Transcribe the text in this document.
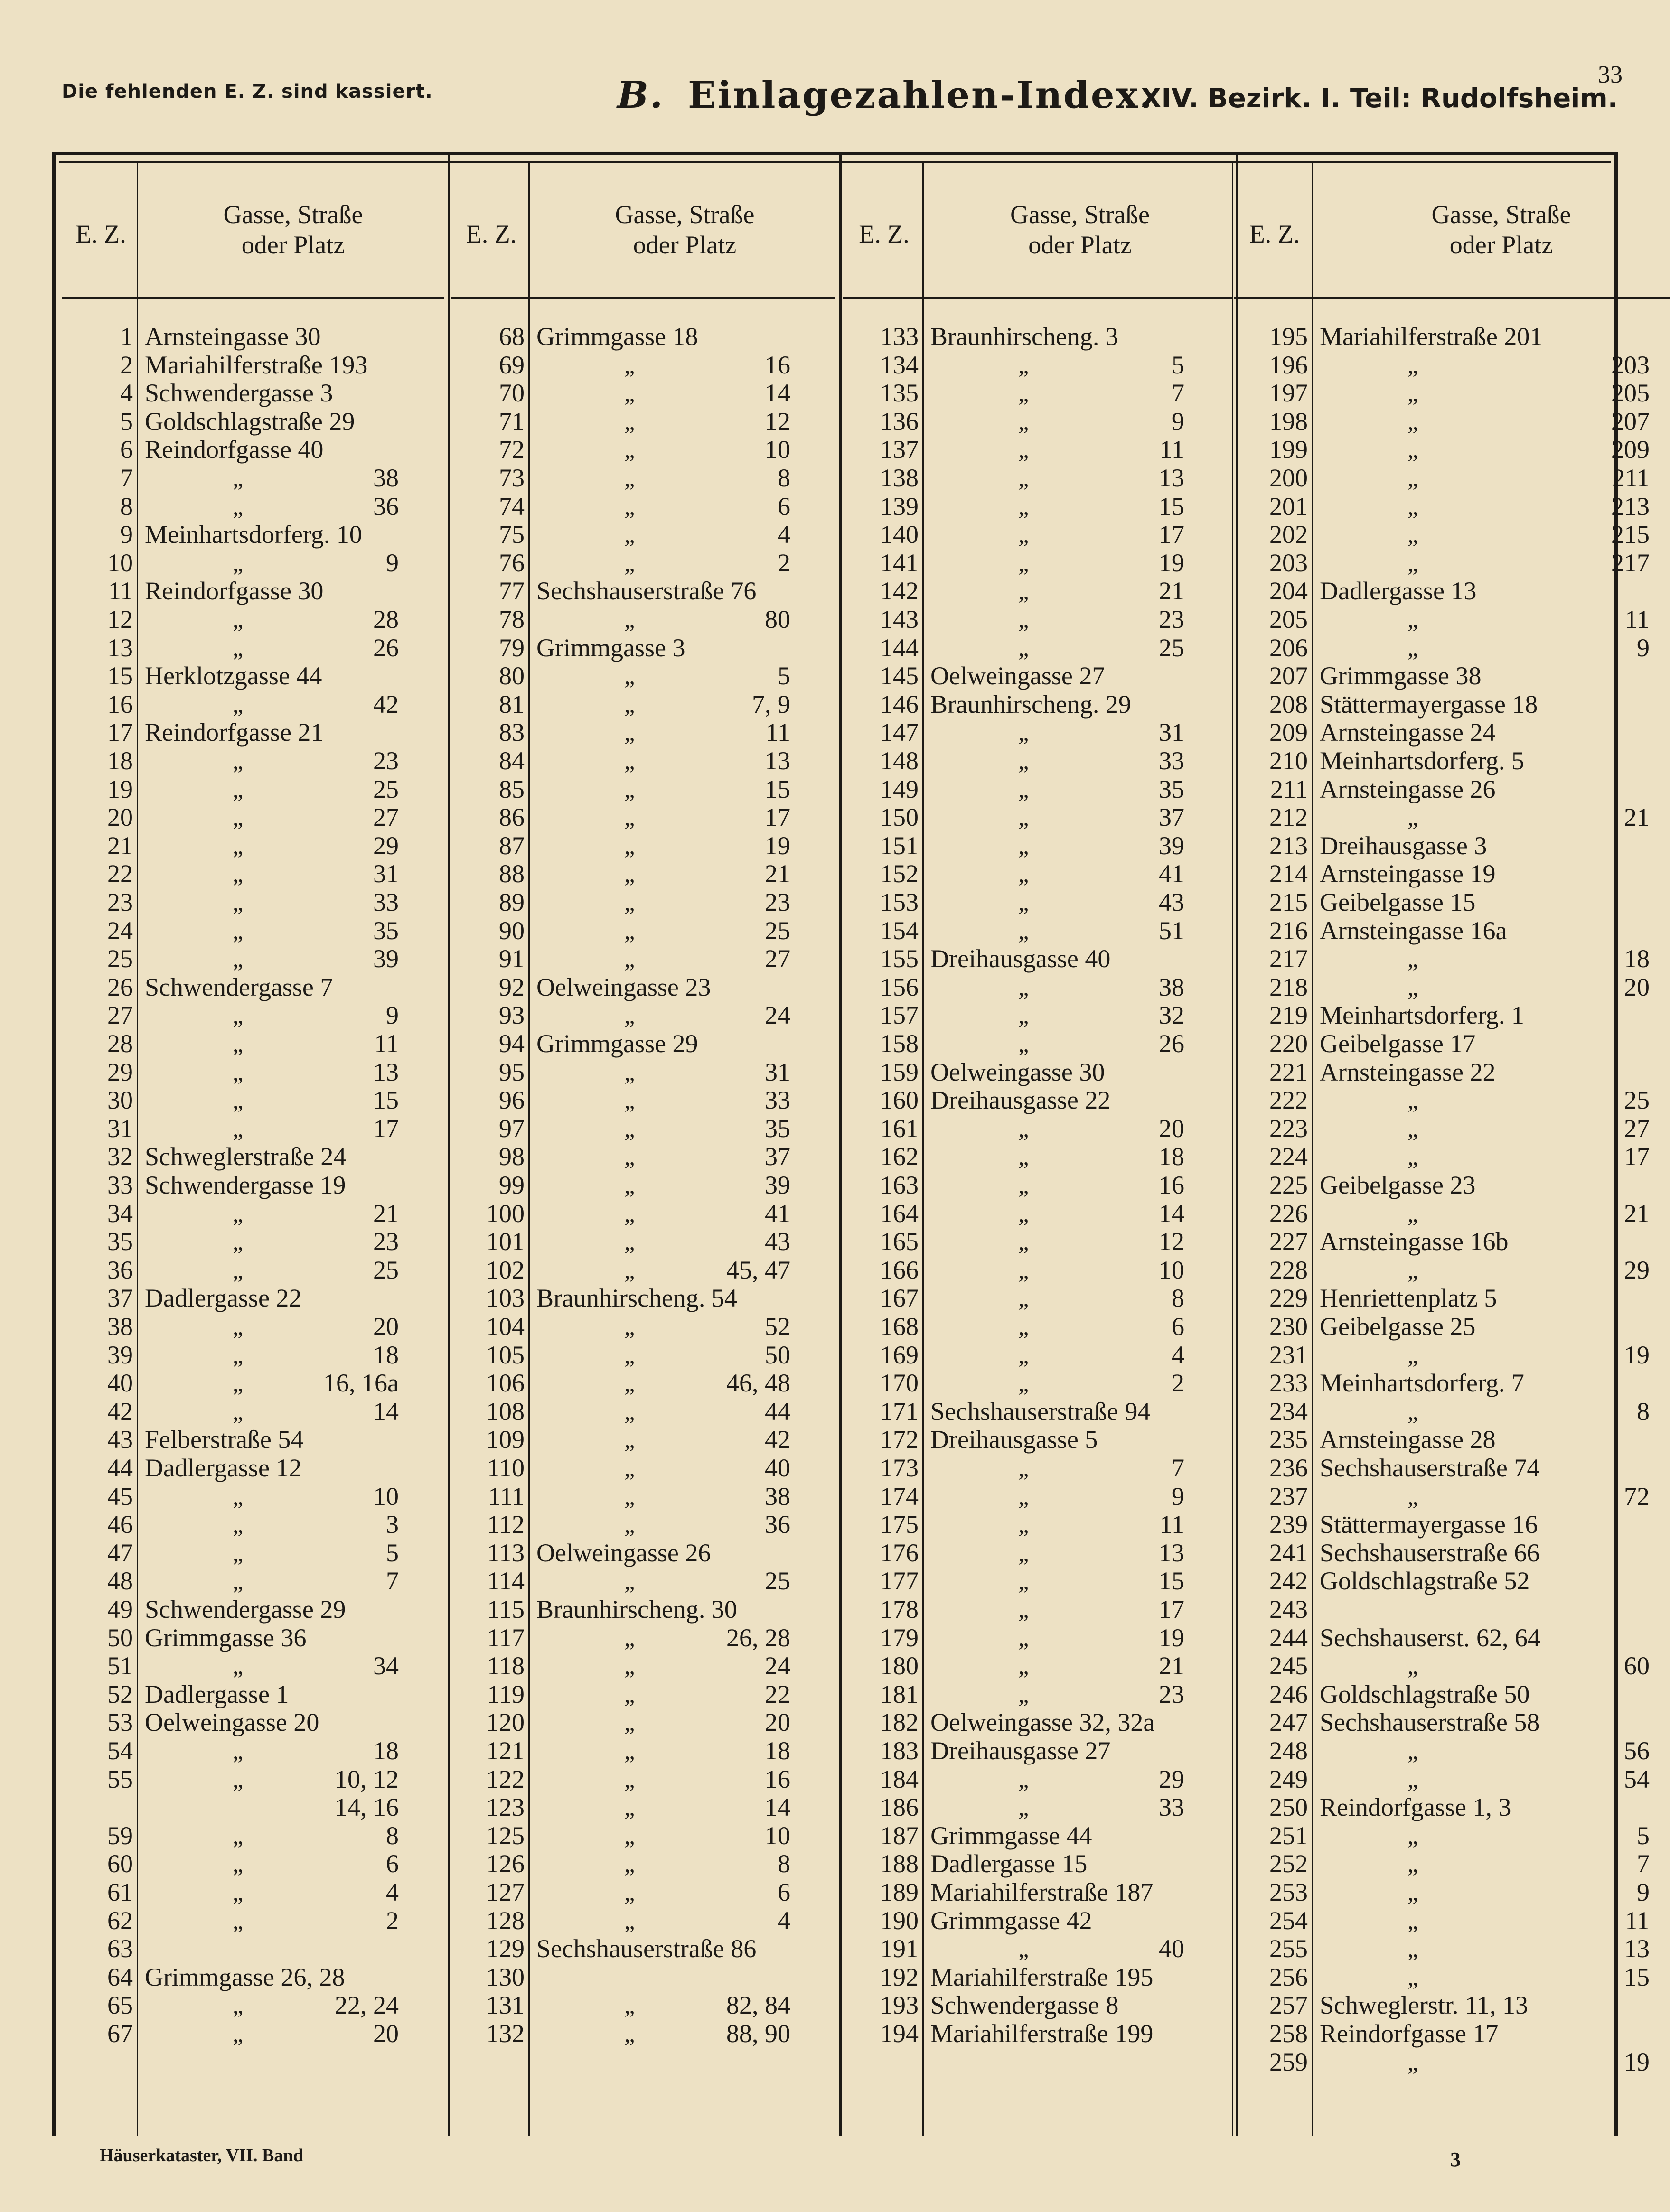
33
Die fehlenden E. Z. sind kassiert.	B. Einlagezahlen-Index.
XIV. Bezirk. I. Teil: Rudolfsheim.
E. Z.
Gasse, Straße
oder Platz
1 Arnsteingasse 30
2 Mariahilferstraße 193
4 Schwendergasse 3
5 Goldschlagstraße 29
6 Reindorfgasse 40
7	„	38
8	„	36
9 Meinhartsdorferg. 10
10	„	9
11 Reindorfgasse 30
12	„	28
13	„	26
15 Herklotzgasse 44
16	„	42
17 Reindorfgasse 21
18	„	23
19	„	25
20	„	27
21	„	29
22	„	31
23	„	33
24	„	35
25	„	39
26 Schwendergasse 7
27	„	9
28	„	11
29	„	13
30	„	15
31	„	17
32 Schweglerstraße 24
33 Schwendergasse 19
34	„	21
35	„	23
36	„	25
37 Dadlergasse 22
38	„	20
39	„	18
40	„	16, 16a
42	„	14
43 Felberstraße 54
44 Dadlergasse 12
45	„	10
46	„	3
47	„	5
48	„	7
49 Schwendergasse 29
50 Grimmgasse 36
51	„	34
52 Dadlergasse 1
53 Oelweingasse 20
54	„	18
55	„	10, 12
14, 16
59	„	8
60	„	6
61	„	4
62	„	2
63
64 Grimmgasse 26, 28
65	„	22, 24
67	„	20
E. Z.
Gasse, Straße
oder Platz
68 Grimmgasse 18
69	„	16
70	„	14
71	„	12
72	„	10
73	„	8
74	„	6
75	„	4
76	„	2
77 Sechshauserstraße 76
78	„	80
79 Grimmgasse 3
80	„	5
81	„	7, 9
83	„	11
84	„	13
85	„	15
86	„	17
87	„	19
88	„	21
89	„	23
90	„	25
91	„	27
92 Oelweingasse 23
93	„	24
94 Grimmgasse 29
95	„	31
96	„	33
97	„	35
98	„	37
99	„	39
100	„	41
101	„	43
102	„	45, 47
103 Braunhirscheng. 54
104	„	52
105	„	50
106	„	46, 48
108	„	44
109	„	42
110	„	40
111	„	38
112	„	36
113 Oelweingasse 26
114	„	25
115 Braunhirscheng. 30
117	„	26, 28
118	„	24
119	„	22
120	„	20
121	„	18
122	„	16
123	„	14
125	„	10
126	„	8
127	„	6
128	„	4
129 Sechshauserstraße 86
130
131	„	82, 84
132	„	88, 90
E. Z.
Gasse, Straße
oder Platz
133 Braunhirscheng. 3
134	„	5
135	„	7
136	„	9
137	„	11
138	„	13
139	„	15
140	„	17
141	„	19
142	„	21
143	„	23
144	„	25
145 Oelweingasse 27
146 Braunhirscheng. 29
147	„	31
148	„	33
149	„	35
150	„	37
151	„	39
152	„	41
153	„	43
154	„	51
155 Dreihausgasse 40
156	„	38
157	„	32
158	„	26
159 Oelweingasse 30
160 Dreihausgasse 22
161	„	20
162	„	18
163	„	16
164	„	14
165	„	12
166	„	10
167	„	8
168	„	6
169	„	4
170	„	2
171 Sechshauserstraße 94
172 Dreihausgasse 5
173	„	7
174	„	9
175	„	11
176	„	13
177	„	15
178	„	17
179	„	19
180	„	21
181	„	23
182 Oelweingasse 32, 32a
183 Dreihausgasse 27
184	„	29
186	„	33
187 Grimmgasse 44
188 Dadlergasse 15
189 Mariahilferstraße 187
190 Grimmgasse 42
191	„	40
192 Mariahilferstraße 195
193 Schwendergasse 8
194 Mariahilferstraße 199
E. Z.
Gasse, Straße
oder Platz
195 Mariahilferstraße 201
196	„	203
197	„	205
198	„	207
199	„	209
200	„	211
201	„	213
202	„	215
203	„	217
204 Dadlergasse 13
205	„	11
206	„	9
207 Grimmgasse 38
208 Stättermayergasse 18
209 Arnsteingasse 24
210 Meinhartsdorferg. 5
211 Arnsteingasse 26
212	„	21
213 Dreihausgasse 3
214 Arnsteingasse 19
215 Geibelgasse 15
216 Arnsteingasse 16a
217	„	18
218	„	20
219 Meinhartsdorferg. 1
220 Geibelgasse 17
221 Arnsteingasse 22
222	„	25
223	„	27
224	„	17
225 Geibelgasse 23
226	„	21
227 Arnsteingasse 16b
228	„	29
229 Henriettenplatz 5
230 Geibelgasse 25
231	„	19
233 Meinhartsdorferg. 7
234	„	8
235 Arnsteingasse 28
236 Sechshauserstraße 74
237	„	72
239 Stättermayergasse 16
241 Sechshauserstraße 66
242 Goldschlagstraße 52
243
244 Sechshauserst. 62, 64
245	„	60
246 Goldschlagstraße 50
247 Sechshauserstraße 58
248	„	56
249	„	54
250 Reindorfgasse 1, 3
251	„	5
252	„	7
253	„	9
254	„	11
255	„	13
256	„	15
257 Schweglerstr. 11, 13
258 Reindorfgasse 17
259	„	19
Häuserkataster, VII. Band	3
